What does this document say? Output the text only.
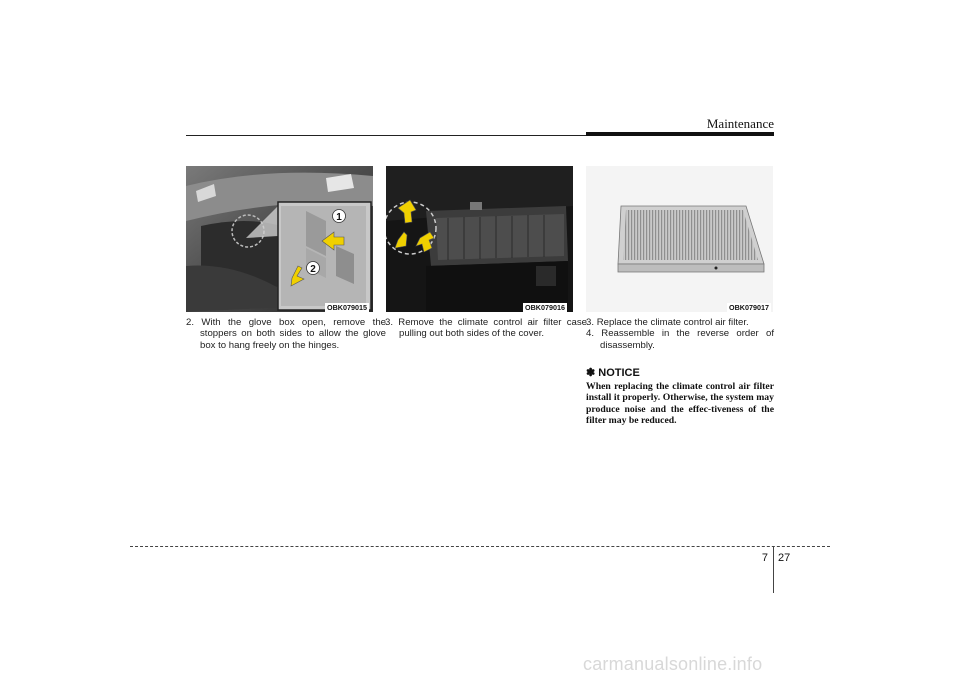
Maintenance
1
2
OBK079015	OBK079016	OBK079017
2. With the glove box open, remove the stoppers on both sides to allow the glove box to hang freely on the hinges.
3. Remove the climate control air filter case pulling out both sides of the cover.
3. Replace the climate control air filter.
4. Reassemble in the reverse order of disassembly.
✽ NOTICE
When replacing the climate control air filter install it properly. Otherwise, the system may produce noise and the effec-tiveness of the filter may be reduced.
7 27
carmanualsonline.info
